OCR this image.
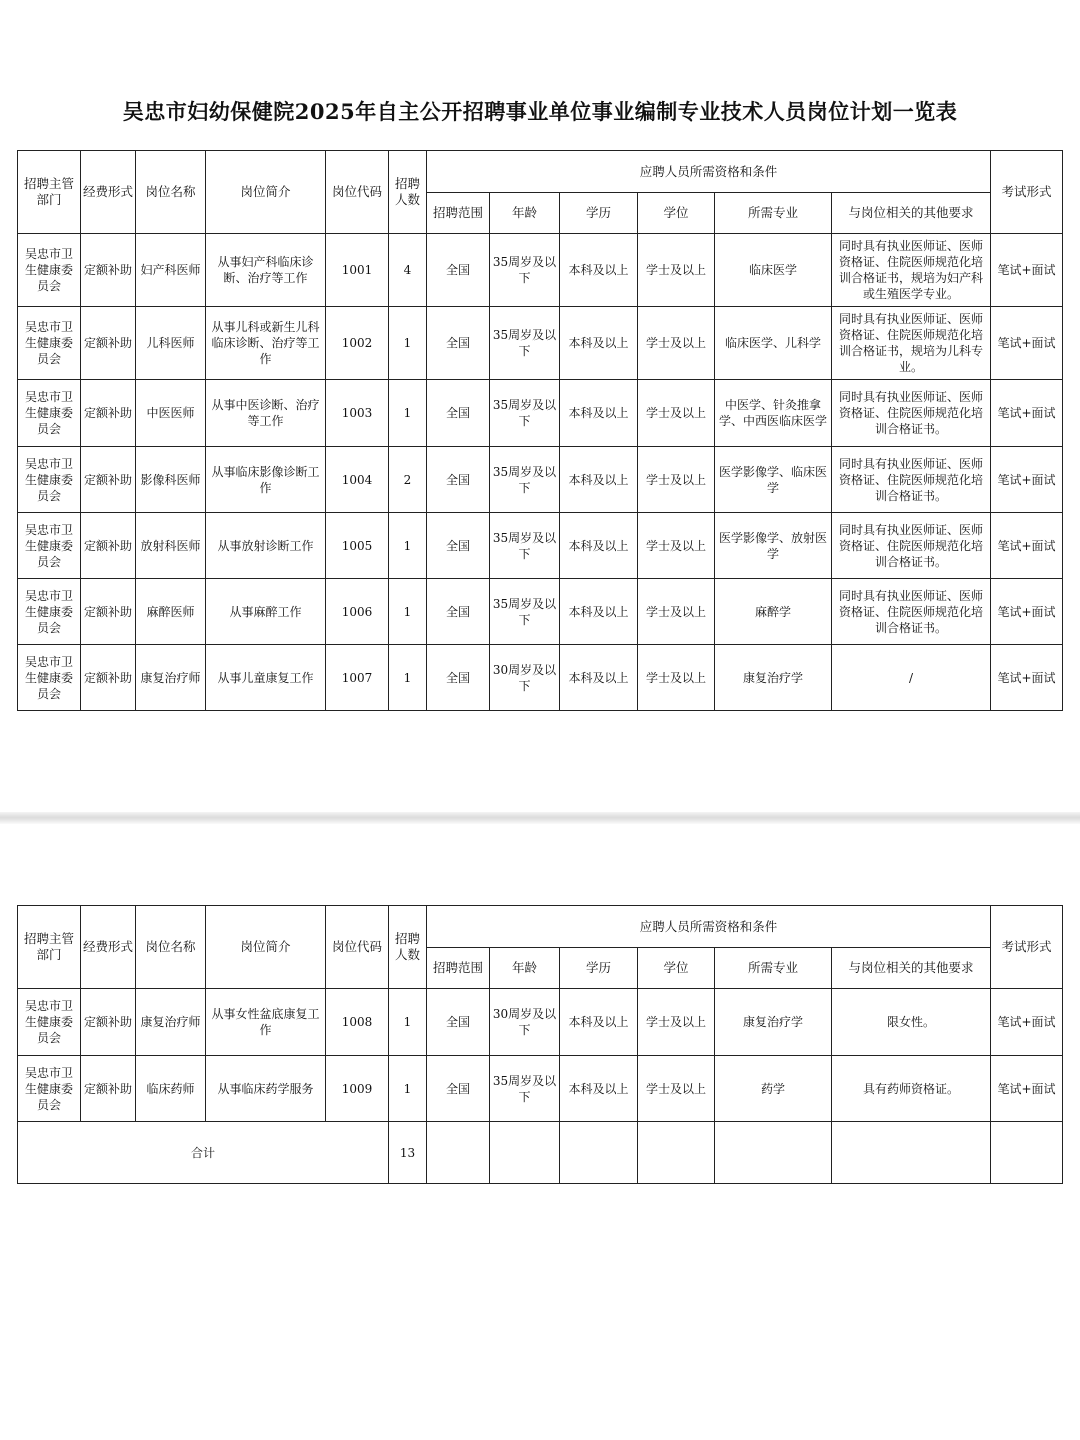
吴忠市妇幼保健院2025年自主公开招聘事业单位事业编制专业技术人员岗位计划一览表
招聘主管部门	经费形式	岗位名称	岗位简介	岗位代码	招聘人数	应聘人员所需资格和条件						考试形式
						招聘范围	年龄	学历	学位	所需专业	与岗位相关的其他要求	
吴忠市卫生健康委员会	定额补助	妇产科医师	从事妇产科临床诊断、治疗等工作	1001	4	全国	35周岁及以下	本科及以上	学士及以上	临床医学	同时具有执业医师证、医师资格证、住院医师规范化培训合格证书，规培为妇产科或生殖医学专业。	笔试+面试
吴忠市卫生健康委员会	定额补助	儿科医师	从事儿科或新生儿科临床诊断、治疗等工作	1002	1	全国	35周岁及以下	本科及以上	学士及以上	临床医学、儿科学	同时具有执业医师证、医师资格证、住院医师规范化培训合格证书，规培为儿科专业。	笔试+面试
吴忠市卫生健康委员会	定额补助	中医医师	从事中医诊断、治疗等工作	1003	1	全国	35周岁及以下	本科及以上	学士及以上	中医学、针灸推拿学、中西医临床医学	同时具有执业医师证、医师资格证、住院医师规范化培训合格证书。	笔试+面试
吴忠市卫生健康委员会	定额补助	影像科医师	从事临床影像诊断工作	1004	2	全国	35周岁及以下	本科及以上	学士及以上	医学影像学、临床医学	同时具有执业医师证、医师资格证、住院医师规范化培训合格证书。	笔试+面试
吴忠市卫生健康委员会	定额补助	放射科医师	从事放射诊断工作	1005	1	全国	35周岁及以下	本科及以上	学士及以上	医学影像学、放射医学	同时具有执业医师证、医师资格证、住院医师规范化培训合格证书。	笔试+面试
吴忠市卫生健康委员会	定额补助	麻醉医师	从事麻醉工作	1006	1	全国	35周岁及以下	本科及以上	学士及以上	麻醉学	同时具有执业医师证、医师资格证、住院医师规范化培训合格证书。	笔试+面试
吴忠市卫生健康委员会	定额补助	康复治疗师	从事儿童康复工作	1007	1	全国	30周岁及以下	本科及以上	学士及以上	康复治疗学	/	笔试+面试
招聘主管部门	经费形式	岗位名称	岗位简介	岗位代码	招聘人数	应聘人员所需资格和条件						考试形式
						招聘范围	年龄	学历	学位	所需专业	与岗位相关的其他要求	
吴忠市卫生健康委员会	定额补助	康复治疗师	从事女性盆底康复工作	1008	1	全国	30周岁及以下	本科及以上	学士及以上	康复治疗学	限女性。	笔试+面试
吴忠市卫生健康委员会	定额补助	临床药师	从事临床药学服务	1009	1	全国	35周岁及以下	本科及以上	学士及以上	药学	具有药师资格证。	笔试+面试
合计					13							
